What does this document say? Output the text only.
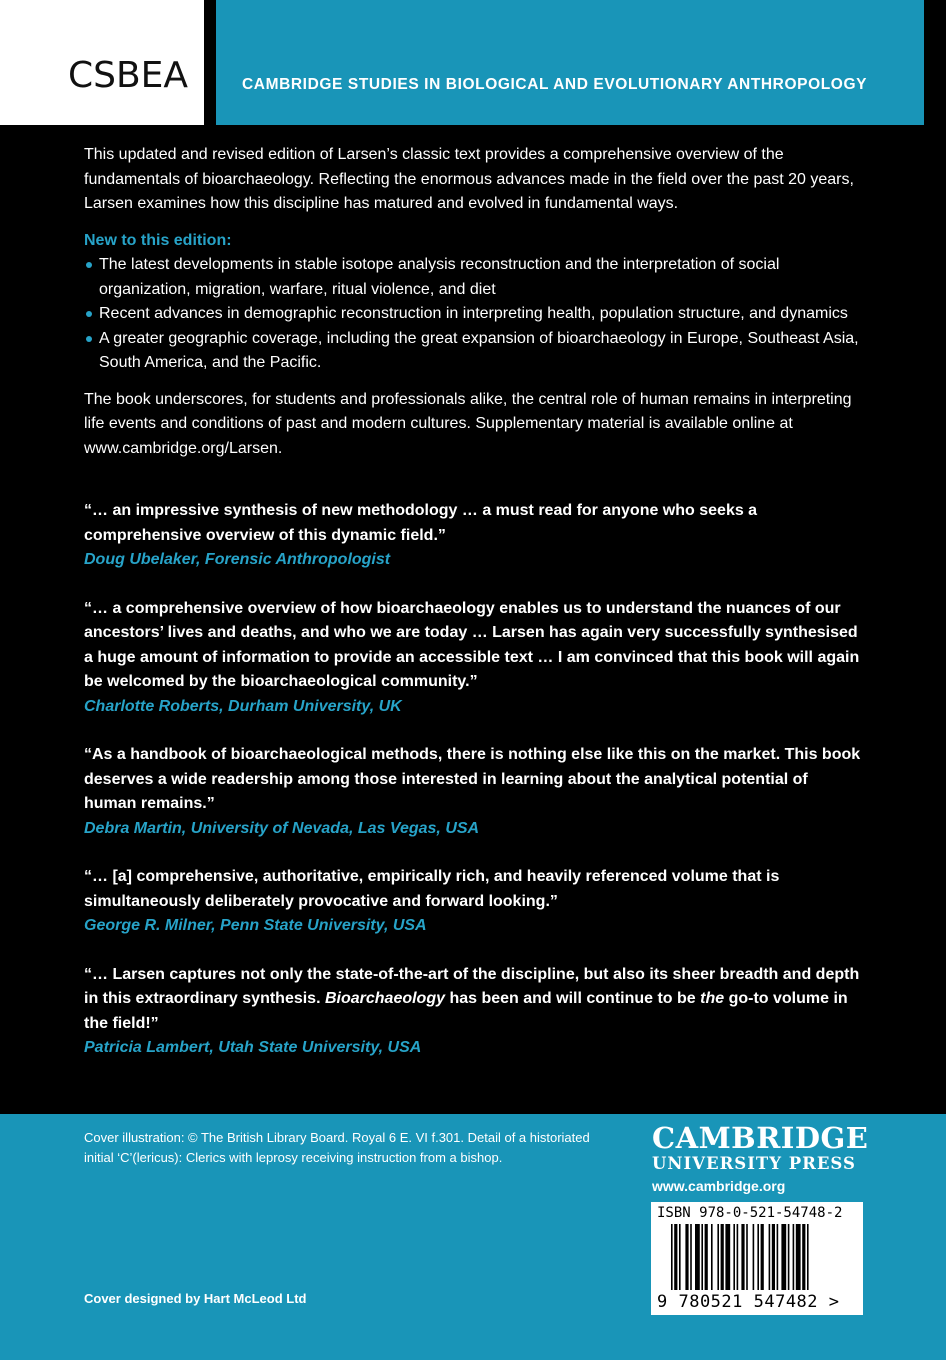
CSBEA	CAMBRIDGE STUDIES IN BIOLOGICAL AND EVOLUTIONARY ANTHROPOLOGY

This updated and revised edition of Larsen’s classic text provides a comprehensive overview of the fundamentals of bioarchaeology. Reflecting the enormous advances made in the field over the past 20 years, Larsen examines how this discipline has matured and evolved in fundamental ways.

New to this edition:

The latest developments in stable isotope analysis reconstruction and the interpretation of social organization, migration, warfare, ritual violence, and diet
Recent advances in demographic reconstruction in interpreting health, population structure, and dynamics
A greater geographic coverage, including the great expansion of bioarchaeology in Europe, Southeast Asia, South America, and the Pacific.

The book underscores, for students and professionals alike, the central role of human remains in interpreting life events and conditions of past and modern cultures. Supplementary material is available online at www.cambridge.org/Larsen.

“… an impressive synthesis of new methodology … a must read for anyone who seeks a comprehensive overview of this dynamic field.”
Doug Ubelaker, Forensic Anthropologist
“… a comprehensive overview of how bioarchaeology enables us to understand the nuances of our ancestors’ lives and deaths, and who we are today … Larsen has again very successfully synthesised a huge amount of information to provide an accessible text … I am convinced that this book will again be welcomed by the bioarchaeological community.”
Charlotte Roberts, Durham University, UK
“As a handbook of bioarchaeological methods, there is nothing else like this on the market. This book deserves a wide readership among those interested in learning about the analytical potential of human remains.”
Debra Martin, University of Nevada, Las Vegas, USA
“… [a] comprehensive, authoritative, empirically rich, and heavily referenced volume that is simultaneously deliberately provocative and forward looking.”
George R. Milner, Penn State University, USA
“… Larsen captures not only the state-of-the-art of the discipline, but also its sheer breadth and depth in this extraordinary synthesis. Bioarchaeology has been and will continue to be the go-to volume in the field!”
Patricia Lambert, Utah State University, USA
Cover illustration: © The British Library Board. Royal 6 E. VI f.301. Detail of a historiated initial ‘C’(lericus): Clerics with leprosy receiving instruction from a bishop.
Cover designed by Hart McLeod Ltd
CAMBRIDGE
UNIVERSITY PRESS
www.cambridge.org
ISBN 978-0-521-54748-2
9 780521 547482 >
